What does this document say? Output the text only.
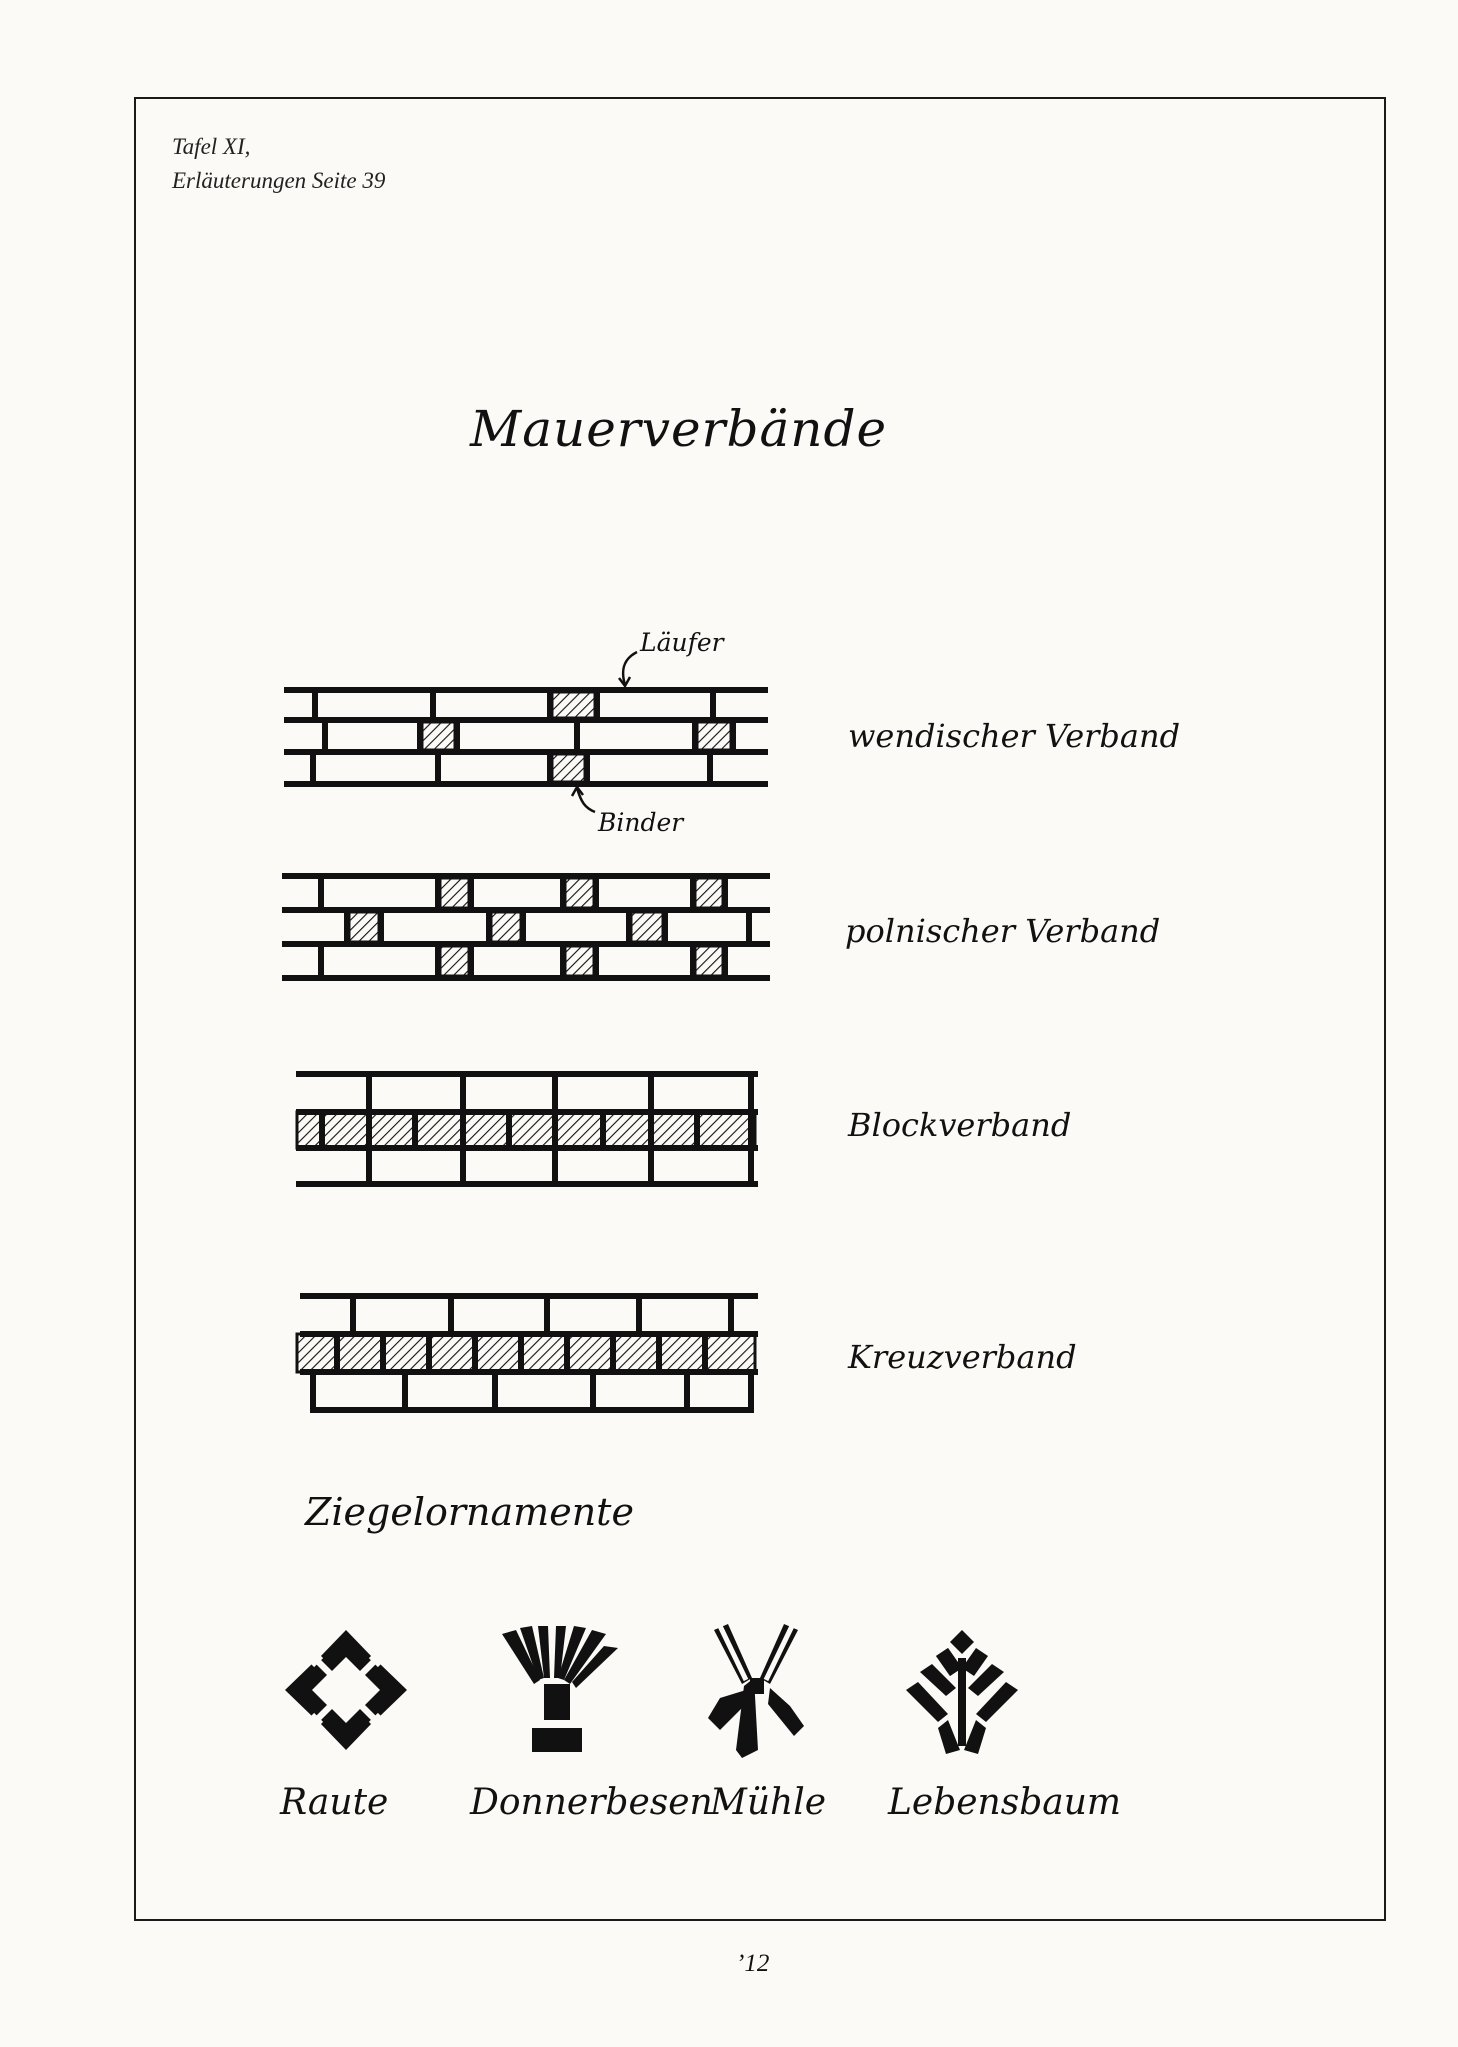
Tafel XI,
Erläuterungen Seite 39
Mauerverbände
Läufer
Binder
wendischer Verband
polnischer Verband
Blockverband
Kreuzverband
Ziegelornamente
Raute Donnerbesen
Mühle Lebensbaum
’12
